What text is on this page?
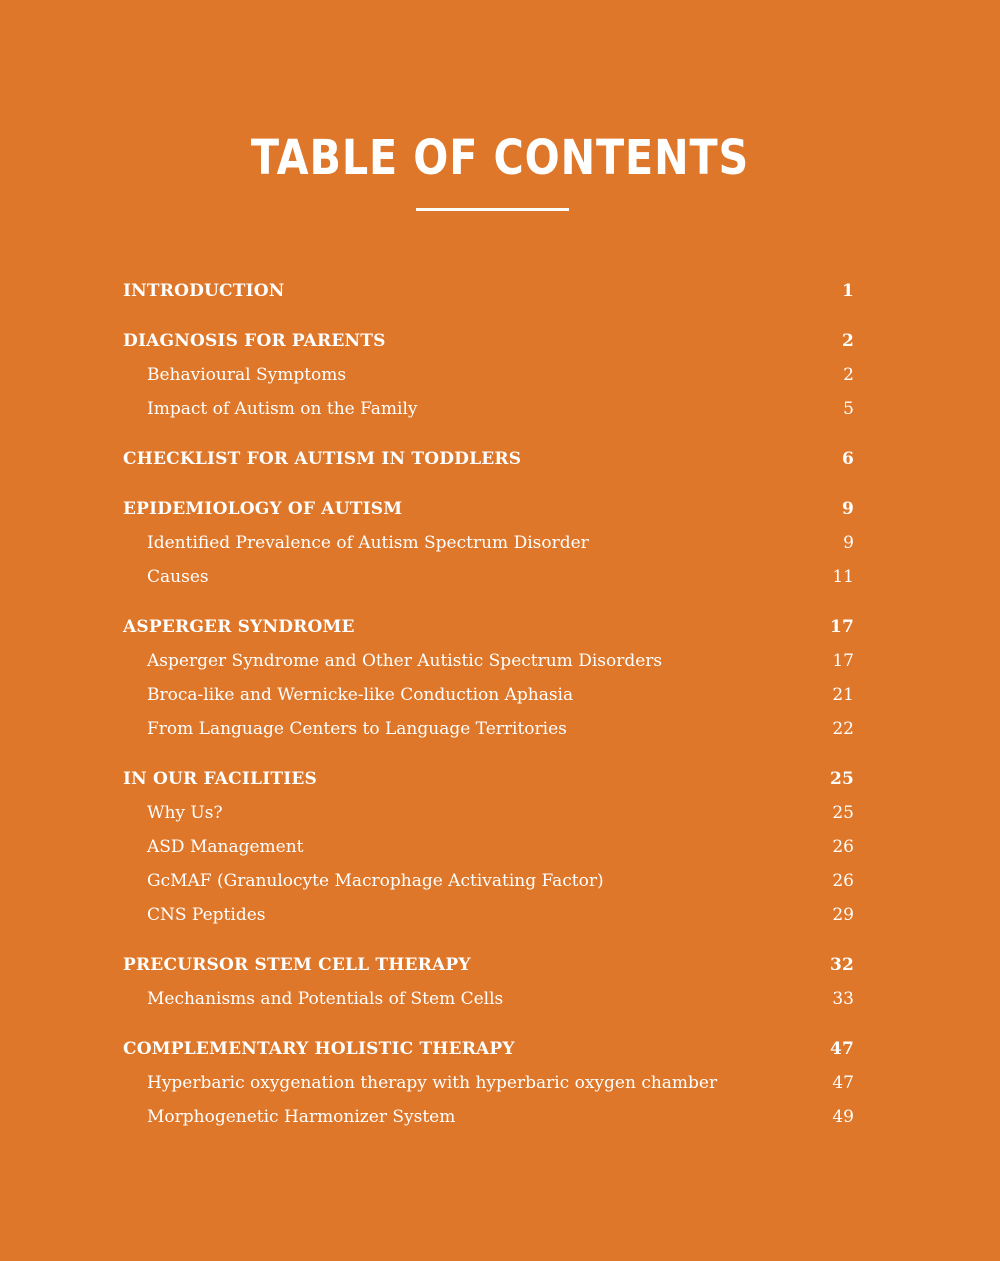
TABLE OF CONTENTS
INTRODUCTION	1
DIAGNOSIS FOR PARENTS	2
Behavioural Symptoms	2
Impact of Autism on the Family	5
CHECKLIST FOR AUTISM IN TODDLERS	6
EPIDEMIOLOGY OF AUTISM	9
Identified Prevalence of Autism Spectrum Disorder	9
Causes	11
ASPERGER SYNDROME	17
Asperger Syndrome and Other Autistic Spectrum Disorders	17
Broca-like and Wernicke-like Conduction Aphasia	21
From Language Centers to Language Territories	22
IN OUR FACILITIES	25
Why Us?	25
ASD Management	26
GcMAF (Granulocyte Macrophage Activating Factor)	26
CNS Peptides	29
PRECURSOR STEM CELL THERAPY	32
Mechanisms and Potentials of Stem Cells	33
COMPLEMENTARY HOLISTIC THERAPY	47
Hyperbaric oxygenation therapy with hyperbaric oxygen chamber	47
Morphogenetic Harmonizer System	49
